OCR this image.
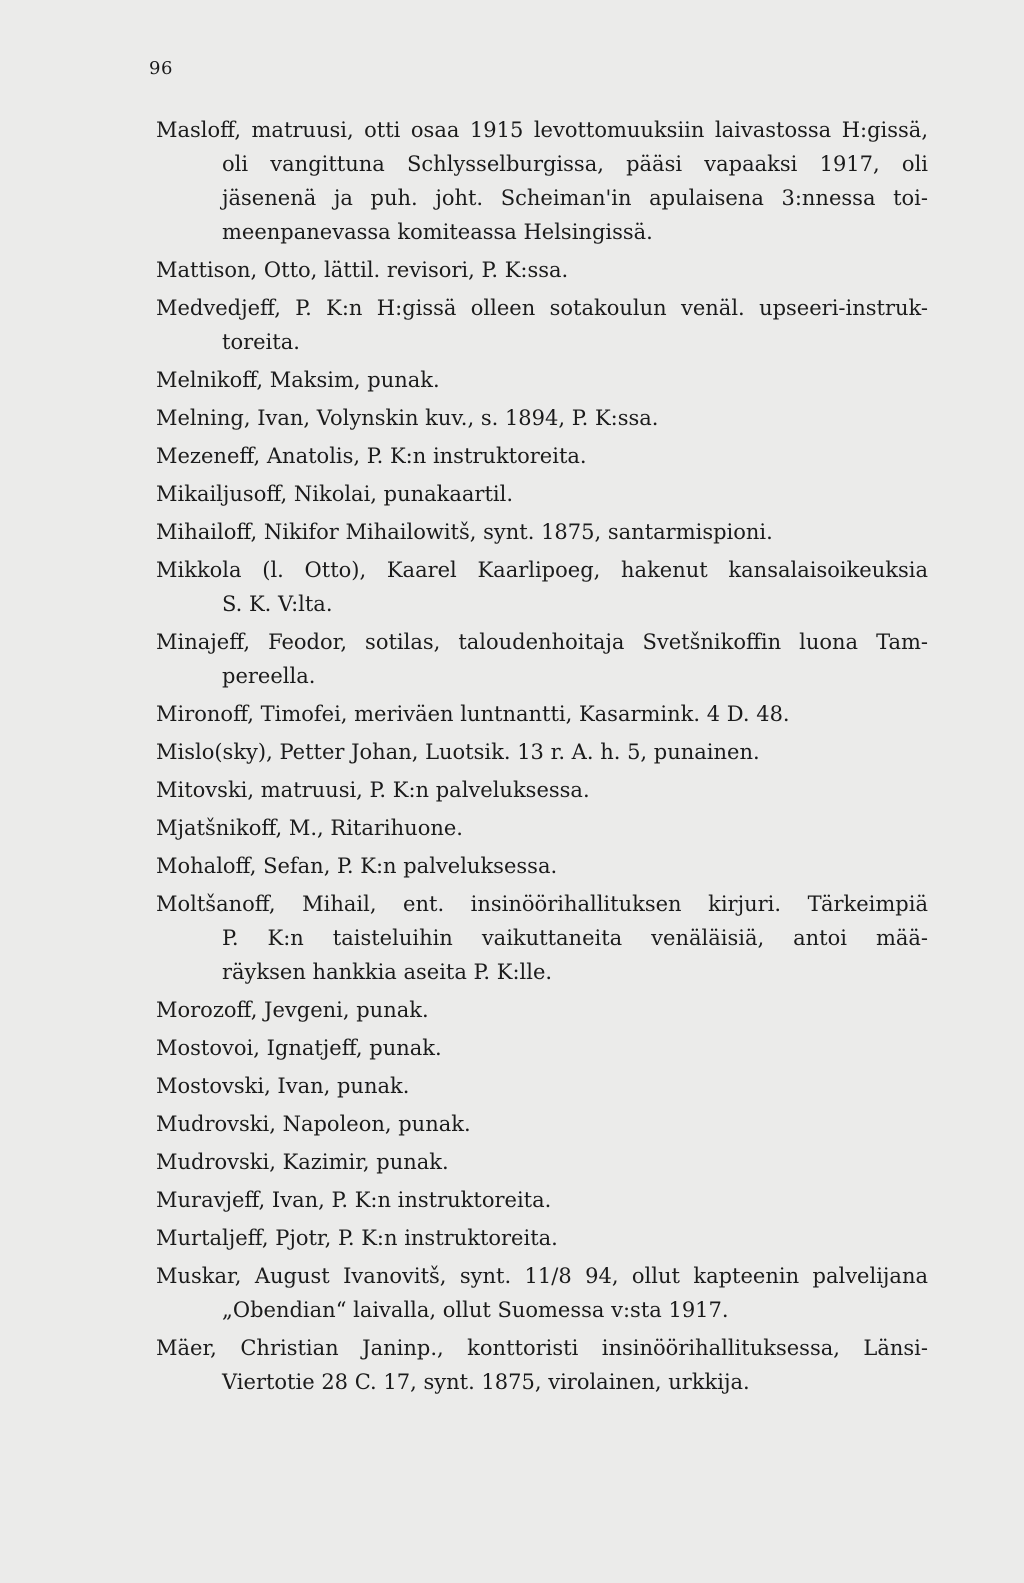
96
Masloff, matruusi, otti osaa 1915 levottomuuksiin laivastossa H:gissä,
oli vangittuna Schlysselburgissa, pääsi vapaaksi 1917, oli
jäsenenä ja puh. joht. Scheiman'in apulaisena 3:nnessa toi-
meenpanevassa komiteassa Helsingissä.
Mattison, Otto, lättil. revisori, P. K:ssa.
Medvedjeff, P. K:n H:gissä olleen sotakoulun venäl. upseeri-instruk-
toreita.
Melnikoff, Maksim, punak.
Melning, Ivan, Volynskin kuv., s. 1894, P. K:ssa.
Mezeneff, Anatolis, P. K:n instruktoreita.
Mikailjusoff, Nikolai, punakaartil.
Mihailoff, Nikifor Mihailowitš, synt. 1875, santarmispioni.
Mikkola (l. Otto), Kaarel Kaarlipoeg, hakenut kansalaisoikeuksia
S. K. V:lta.
Minajeff, Feodor, sotilas, taloudenhoitaja Svetšnikoffin luona Tam-
pereella.
Mironoff, Timofei, meriväen luntnantti, Kasarmink. 4 D. 48.
Mislo(sky), Petter Johan, Luotsik. 13 r. A. h. 5, punainen.
Mitovski, matruusi, P. K:n palveluksessa.
Mjatšnikoff, M., Ritarihuone.
Mohaloff, Sefan, P. K:n palveluksessa.
Moltšanoff, Mihail, ent. insinöörihallituksen kirjuri. Tärkeimpiä
P. K:n taisteluihin vaikuttaneita venäläisiä, antoi mää-
räyksen hankkia aseita P. K:lle.
Morozoff, Jevgeni, punak.
Mostovoi, Ignatjeff, punak.
Mostovski, Ivan, punak.
Mudrovski, Napoleon, punak.
Mudrovski, Kazimir, punak.
Muravjeff, Ivan, P. K:n instruktoreita.
Murtaljeff, Pjotr, P. K:n instruktoreita.
Muskar, August Ivanovitš, synt. 11/8 94, ollut kapteenin palvelijana
„Obendian“ laivalla, ollut Suomessa v:sta 1917.
Mäer, Christian Janinp., konttoristi insinöörihallituksessa, Länsi-
Viertotie 28 C. 17, synt. 1875, virolainen, urkkija.
